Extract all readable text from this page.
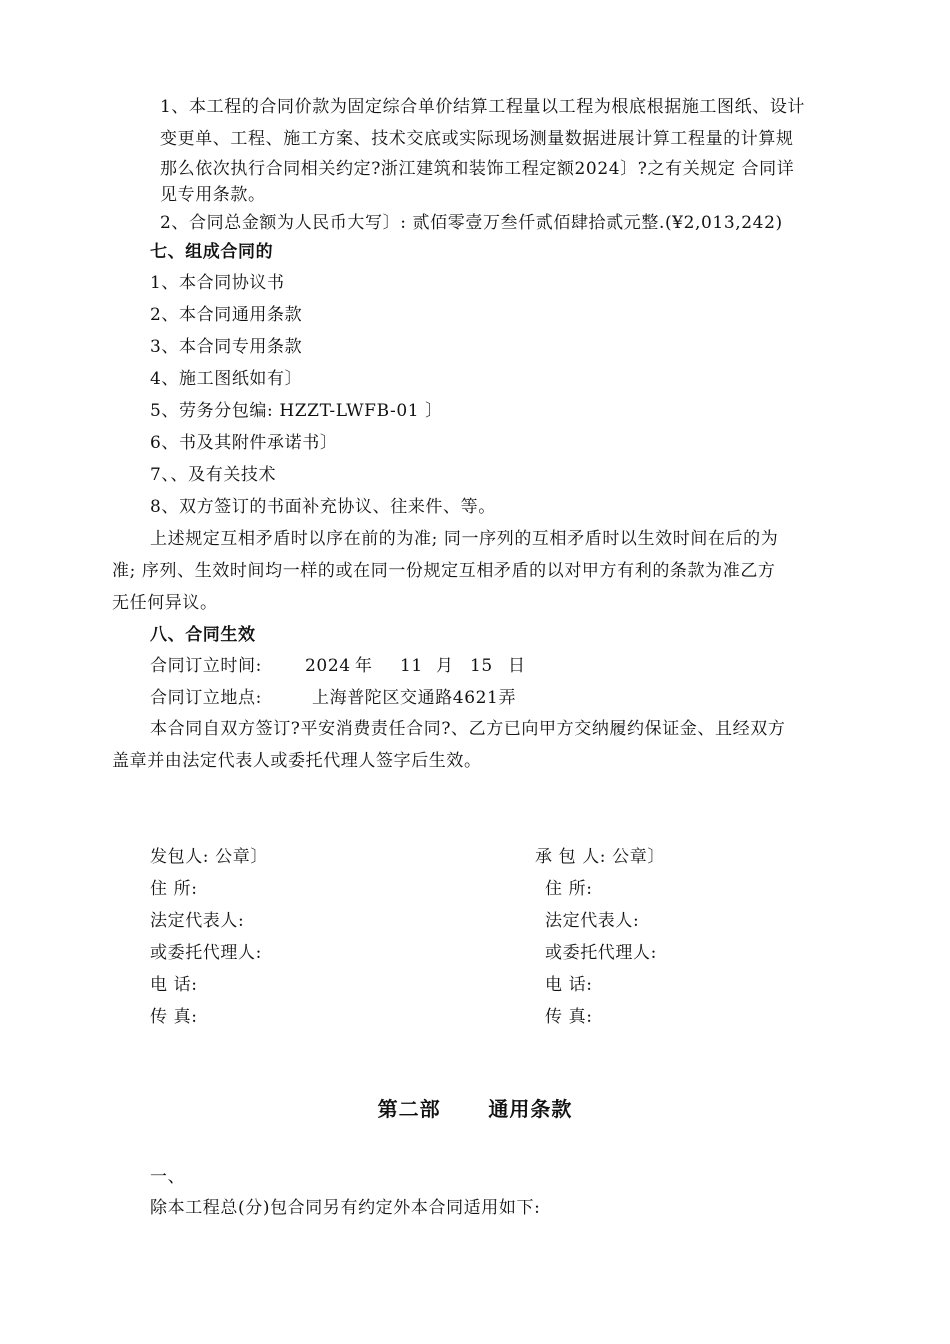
1、本工程的合同价款为固定综合单价结算工程量以工程为根底根据施工图纸、设计
变更单、工程、施工方案、技术交底或实际现场测量数据进展计算工程量的计算规
那么依次执行合同相关约定?浙江建筑和装饰工程定额2024〕?之有关规定 合同详
见专用条款。
2、合同总金额为人民币大写〕: 贰佰零壹万叁仟贰佰肆拾贰元整.(¥2,013,242)
七、组成合同的
1、本合同协议书
2、本合同通用条款
3、本合同专用条款
4、施工图纸如有〕
5、劳务分包编: HZZT-LWFB-01 〕
6、书及其附件承诺书〕
7、、及有关技术
8、双方签订的书面补充协议、往来件、等。
上述规定互相矛盾时以序在前的为准; 同一序列的互相矛盾时以生效时间在后的为
准; 序列、生效时间均一样的或在同一份规定互相矛盾的以对甲方有利的条款为准乙方
无任何异议。
八、合同生效
合同订立时间:	2024 年 11 月 15 日
合同订立地点:	上海普陀区交通路4621弄
本合同自双方签订?平安消费责任合同?、乙方已向甲方交纳履约保证金、且经双方
盖章并由法定代表人或委托代理人签字后生效。
发包人: 公章〕
住 所:
法定代表人:
或委托代理人:
电 话:
传 真:
承 包 人: 公章〕
住 所:
法定代表人:
或委托代理人:
电 话:
传 真:
第二部      通用条款
一、
除本工程总(分)包合同另有约定外本合同适用如下:
